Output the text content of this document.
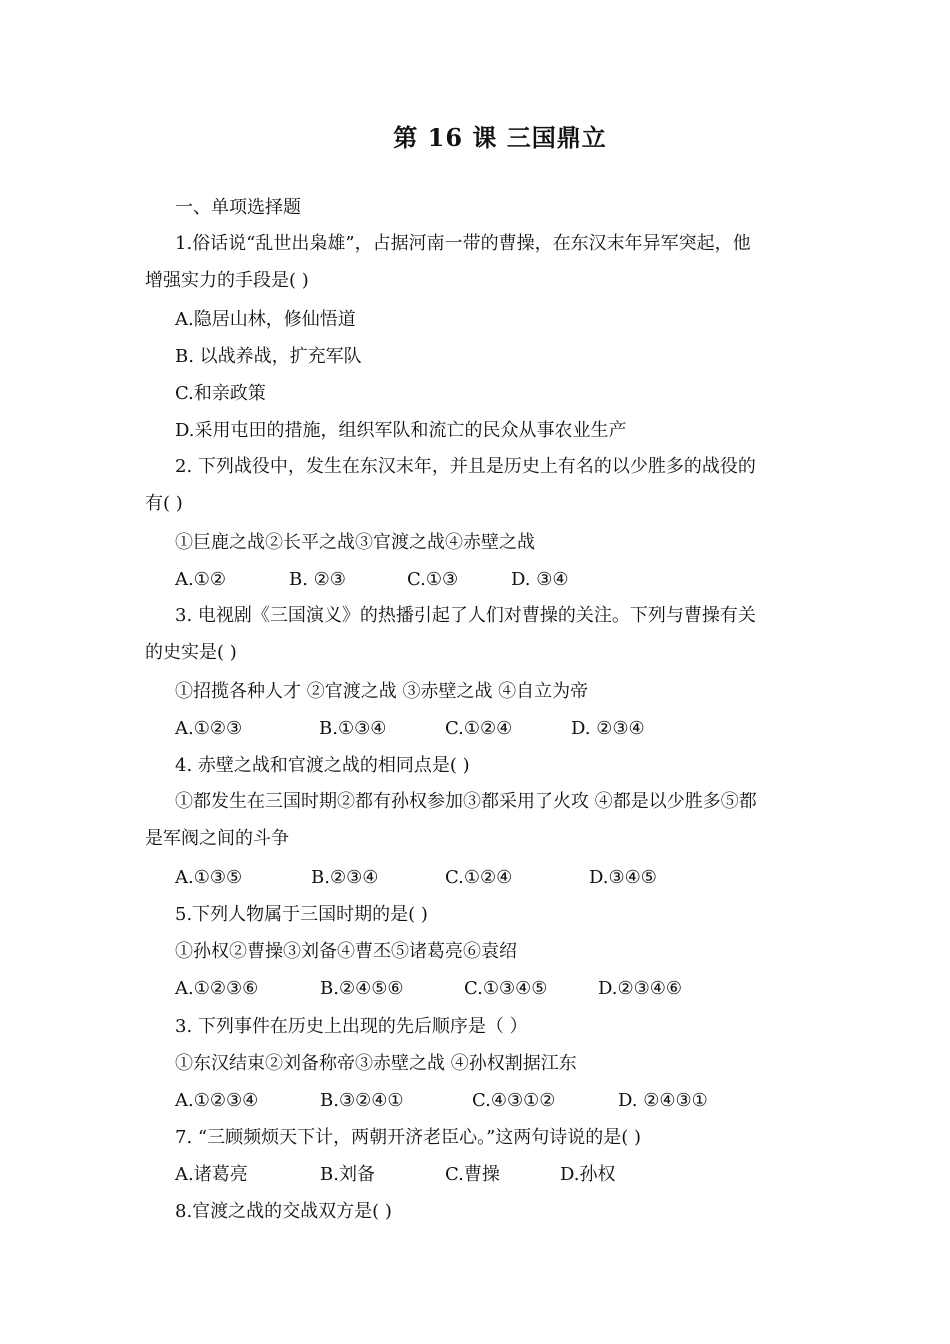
第 16 课 三国鼎立
一、单项选择题
1.俗话说“乱世出枭雄”，占据河南一带的曹操，在东汉末年异军突起，他
增强实力的手段是( )
A.隐居山林，修仙悟道
B. 以战养战，扩充军队
C.和亲政策
D.采用屯田的措施，组织军队和流亡的民众从事农业生产
2. 下列战役中，发生在东汉末年，并且是历史上有名的以少胜多的战役的
有( )
①巨鹿之战②长平之战③官渡之战④赤壁之战
A.①②	B. ②③	C.①③	D. ③④
3. 电视剧《三国演义》的热播引起了人们对曹操的关注。下列与曹操有关
的史实是( )
①招揽各种人才 ②官渡之战 ③赤壁之战 ④自立为帝
A.①②③	B.①③④	C.①②④	D. ②③④
4. 赤壁之战和官渡之战的相同点是( )
①都发生在三国时期②都有孙权参加③都采用了火攻 ④都是以少胜多⑤都
是军阀之间的斗争
A.①③⑤	B.②③④	C.①②④	D.③④⑤
5.下列人物属于三国时期的是( )
①孙权②曹操③刘备④曹丕⑤诸葛亮⑥袁绍
A.①②③⑥	B.②④⑤⑥	C.①③④⑤	D.②③④⑥
3. 下列事件在历史上出现的先后顺序是（ ）
①东汉结束②刘备称帝③赤壁之战 ④孙权割据江东
A.①②③④	B.③②④①	C.④③①②	D. ②④③①
7. “三顾频烦天下计，两朝开济老臣心。”这两句诗说的是( )
A.诸葛亮	B.刘备	C.曹操	D.孙权
8.官渡之战的交战双方是( )
